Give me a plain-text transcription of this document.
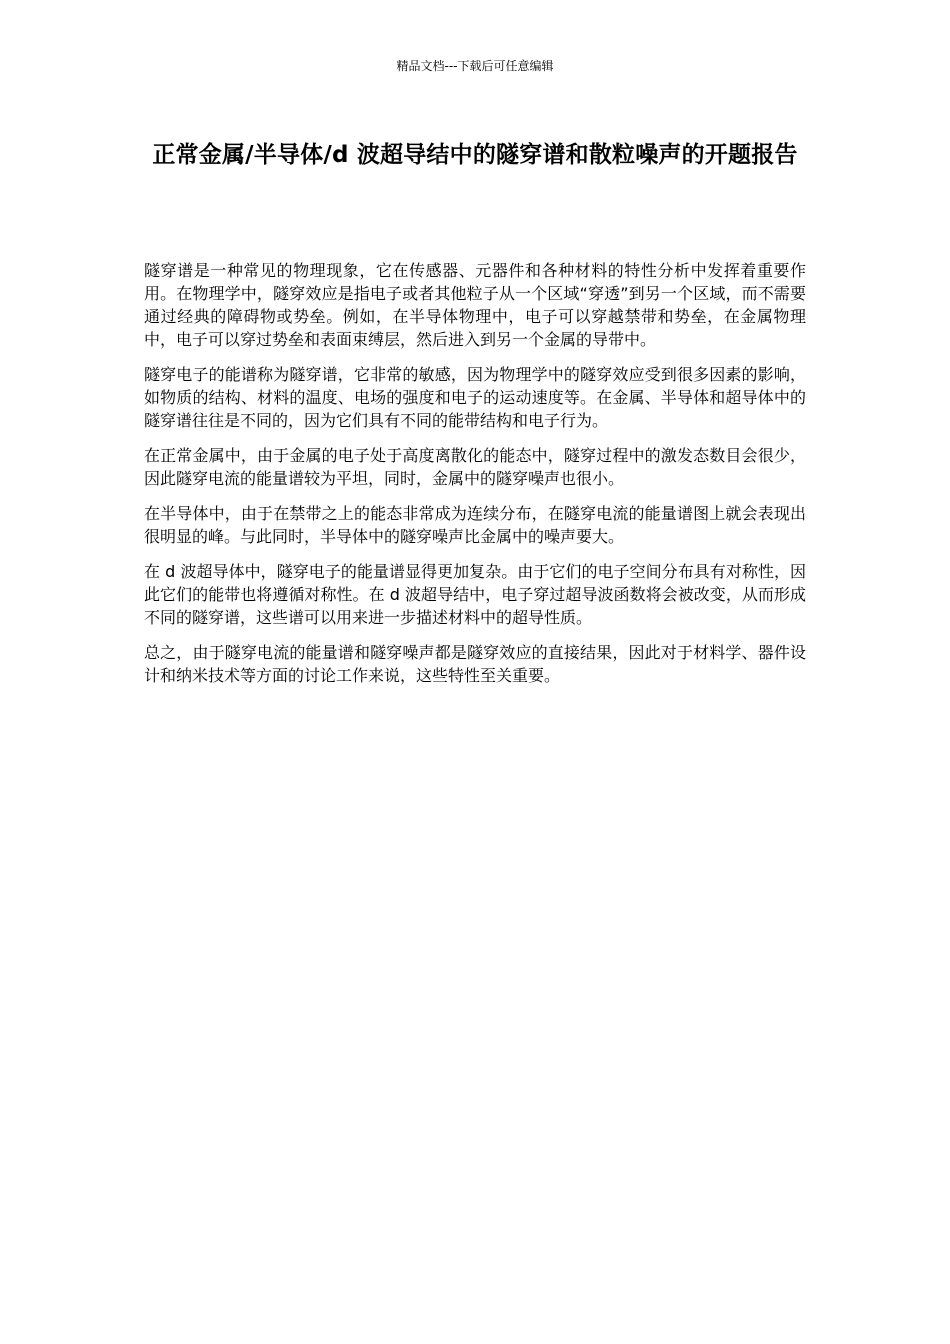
精品文档---下载后可任意编辑
正常金属/半导体/d 波超导结中的隧穿谱和散粒噪声的开题报告

隧穿谱是一种常见的物理现象，它在传感器、元器件和各种材料的特性分析中发挥着重要作用。在物理学中，隧穿效应是指电子或者其他粒子从一个区域“穿透”到另一个区域，而不需要通过经典的障碍物或势垒。例如，在半导体物理中，电子可以穿越禁带和势垒，在金属物理中，电子可以穿过势垒和表面束缚层，然后进入到另一个金属的导带中。

隧穿电子的能谱称为隧穿谱，它非常的敏感，因为物理学中的隧穿效应受到很多因素的影响，如物质的结构、材料的温度、电场的强度和电子的运动速度等。在金属、半导体和超导体中的隧穿谱往往是不同的，因为它们具有不同的能带结构和电子行为。

在正常金属中，由于金属的电子处于高度离散化的能态中，隧穿过程中的激发态数目会很少，因此隧穿电流的能量谱较为平坦，同时，金属中的隧穿噪声也很小。

在半导体中，由于在禁带之上的能态非常成为连续分布，在隧穿电流的能量谱图上就会表现出很明显的峰。与此同时，半导体中的隧穿噪声比金属中的噪声要大。

在 d 波超导体中，隧穿电子的能量谱显得更加复杂。由于它们的电子空间分布具有对称性，因此它们的能带也将遵循对称性。在 d 波超导结中，电子穿过超导波函数将会被改变，从而形成不同的隧穿谱，这些谱可以用来进一步描述材料中的超导性质。

总之，由于隧穿电流的能量谱和隧穿噪声都是隧穿效应的直接结果，因此对于材料学、器件设计和纳米技术等方面的讨论工作来说，这些特性至关重要。
